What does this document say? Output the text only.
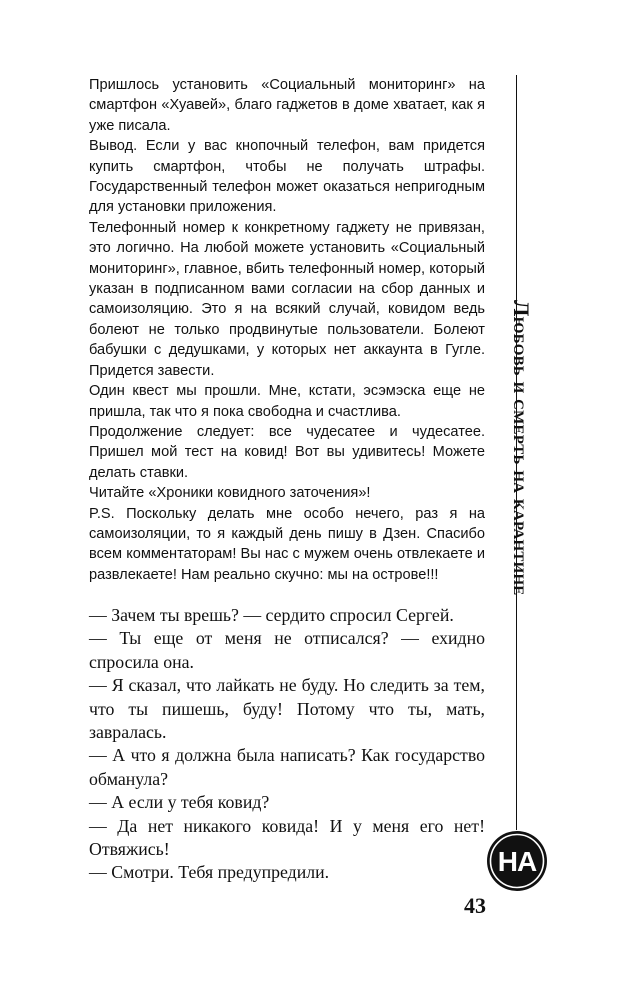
Пришлось установить «Социальный мониторинг» на смартфон «Хуавей», благо гаджетов в доме хватает, как я уже писала.

Вывод. Если у вас кнопочный телефон, вам придется купить смартфон, чтобы не получать штрафы. Государственный телефон может оказаться непригодным для установки приложения.

Телефонный номер к конкретному гаджету не привязан, это логично. На любой можете установить «Социальный мониторинг», главное, вбить телефонный номер, который указан в подписанном вами согласии на сбор данных и самоизоляцию. Это я на всякий случай, ковидом ведь болеют не только продвинутые пользователи. Болеют бабушки с дедушками, у которых нет аккаунта в Гугле. Придется завести.

Один квест мы прошли. Мне, кстати, эсэмэска еще не пришла, так что я пока свободна и счастлива.

Продолжение следует: все чудесатее и чудесатее. Пришел мой тест на ковид! Вот вы удивитесь! Можете делать ставки.

Читайте «Хроники ковидного заточения»!

P.S. Поскольку делать мне особо нечего, раз я на самоизоляции, то я каждый день пишу в Дзен. Спасибо всем комментаторам! Вы нас с мужем очень отвлекаете и развлекаете! Нам реально скучно: мы на острове!!!

— Зачем ты врешь? — сердито спросил Сергей.

— Ты еще от меня не отписался? — ехидно спросила она.

— Я сказал, что лайкать не буду. Но следить за тем, что ты пишешь, буду! Потому что ты, мать, завралась.

— А что я должна была написать? Как государство обманула?

— А если у тебя ковид?

— Да нет никакого ковида! И у меня его нет! Отвяжись!

— Смотри. Тебя предупредили.

43
Любовь и смерть на карантине
НА
